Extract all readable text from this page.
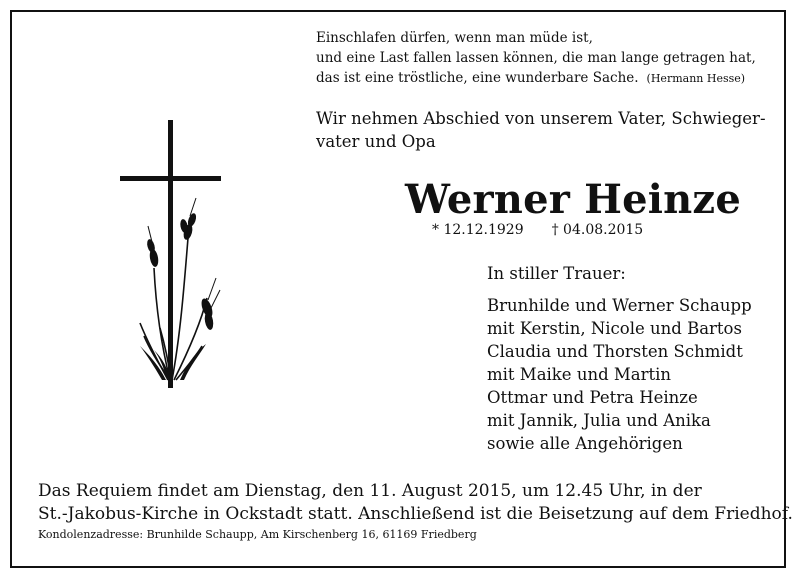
Einschlafen dürfen, wenn man müde ist,
und eine Last fallen lassen können, die man lange getragen hat,
das ist eine tröstliche, eine wunderbare Sache. (Hermann Hesse)
Wir nehmen Abschied von unserem Vater, Schwieger-
vater und Opa
Werner Heinze
* 12.12.1929 † 04.08.2015
In stiller Trauer:
Brunhilde und Werner Schaupp
mit Kerstin, Nicole und Bartos
Claudia und Thorsten Schmidt
mit Maike und Martin
Ottmar und Petra Heinze
mit Jannik, Julia und Anika
sowie alle Angehörigen
Das Requiem findet am Dienstag, den 11. August 2015, um 12.45 Uhr, in der
St.-Jakobus-Kirche in Ockstadt statt. Anschließend ist die Beisetzung auf dem Friedhof.
Kondolenzadresse: Brunhilde Schaupp, Am Kirschenberg 16, 61169 Friedberg
